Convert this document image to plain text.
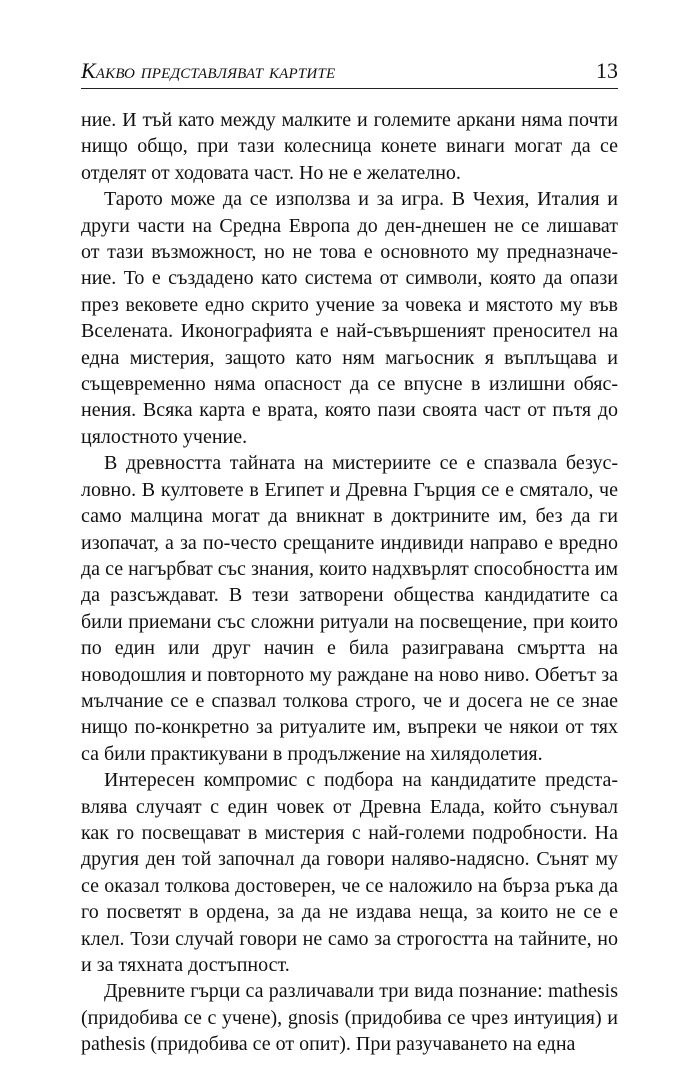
Какво представляват картите	13

ние. И тъй като между малките и големите аркани няма почти нищо общо, при тази колесница конете винаги могат да се отделят от ходовата част. Но не е желателно.

Тарото може да се използва и за игра. В Чехия, Италия и други части на Средна Европа до ден-днешен не се лишават от тази възможност, но не това е основното му предназначение. То е създадено като система от символи, която да опази през вековете едно скрито учение за човека и мястото му във Вселената. Иконографията е най-съвършеният преносител на една мистерия, защото като ням магьосник я въплъщава и същевременно няма опасност да се впусне в излишни обяснения. Всяка карта е врата, която пази своята част от пътя до цялостното учение.

В древността тайната на мистериите се е спазвала безусловно. В култовете в Египет и Древна Гърция се е смятало, че само малцина могат да вникнат в доктрините им, без да ги изопачат, а за по-често срещаните индивиди направо е вредно да се нагърбват със знания, които надхвърлят способността им да разсъждават. В тези затворени общества кандидатите са били приемани със сложни ритуали на посвещение, при които по един или друг начин е била разигравана смъртта на новодошлия и повторното му раждане на ново ниво. Обетът за мълчание се е спазвал толкова строго, че и досега не се знае нищо по-конкретно за ритуалите им, въпреки че някои от тях са били практикувани в продължение на хилядолетия.

Интересен компромис с подбора на кандидатите представлява случаят с един човек от Древна Елада, който сънувал как го посвещават в мистерия с най-големи подробности. На другия ден той започнал да говори наляво-надясно. Сънят му се оказал толкова достоверен, че се наложило на бърза ръка да го посветят в ордена, за да не издава неща, за които не се е клел. Този случай говори не само за строгостта на тайните, но и за тяхната достъпност.

Древните гърци са различавали три вида познание: mathesis (придобива се с учене), gnosis (придобива се чрез интуиция) и pathesis (придобива се от опит). При разучаването на една
